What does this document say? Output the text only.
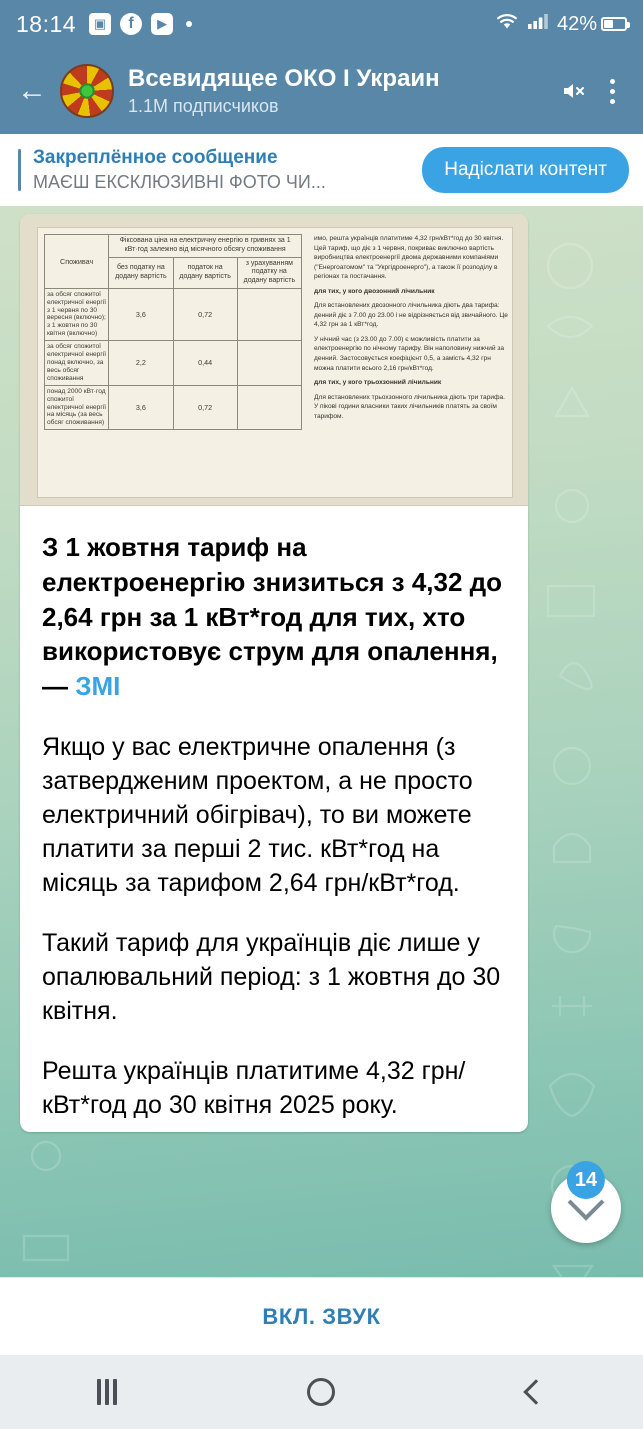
18:14	▣	f	▶	42%
←	Всевидящее ОКО I Украин
1.1M подписчиков
Закреплённое сообщение
МАЄШ ЕКСКЛЮЗИВНІ ФОТО ЧИ...
Надіслати контент
Споживач	Фіксована ціна на електричну енергію в гривнях за 1 кВт·год залежно від місячного обсягу споживання		
	без податку на додану вартість	податок на додану вартість	з урахуванням податку на додану вартість
за обсяг спожитої електричної енергії з 1 червня по 30 вересня (включно); з 1 жовтня по 30 квітня (включно)	3,6	0,72	
за обсяг спожитої електричної енергії понад включно, за весь обсяг споживання	2,2	0,44	
понад 2000 кВт·год спожитої електричної енергії на місяць (за весь обсяг споживання)	3,6	0,72	

имо, решта українців платитиме 4,32 грн/кВт*год до 30 квітня. Цей тариф, що діє з 1 червня, покриває виключно вартість виробництва електроенергії двома державними компаніями ("Енергоатомом" та "Укргідроенерго"), а також її розподілу в регіонах та постачання.

для тих, у кого двозонний лічильник

Для встановлених двозонного лічильника діють два тарифа: денний діє з 7.00 до 23.00 і не відрізняється від звичайного. Це 4,32 грн за 1 кВт*год.

У нічний час (з 23.00 до 7.00) є можливість платити за електроенергію по нічному тарифу. Він наполовину нижчий за денний. Застосовується коефіцієнт 0,5, а замість 4,32 грн можна платити всього 2,16 грн/кВт*год.

для тих, у кого трьохзонний лічильник

Для встановлених трьохзонного лічильника діють три тарифа. У пікові години власники таких лічильників платять за своїм тарифом.

З 1 жовтня тариф на електроенергію знизиться з 4,32 до 2,64 грн за 1 кВт*год для тих, хто використовує струм для опалення, — ЗМІ

Якщо у вас електричне опалення (з затвердженим проектом, а не просто електричний обігрівач), то ви можете платити за перші 2 тис. кВт*год на місяць за тарифом 2,64 грн/кВт*год.

Такий тариф для українців діє лише у опалювальний період: з 1 жовтня до 30 квітня.

Решта українців платитиме 4,32 грн/кВт*год до 30 квітня 2025 року.

14
ВКЛ. ЗВУК
